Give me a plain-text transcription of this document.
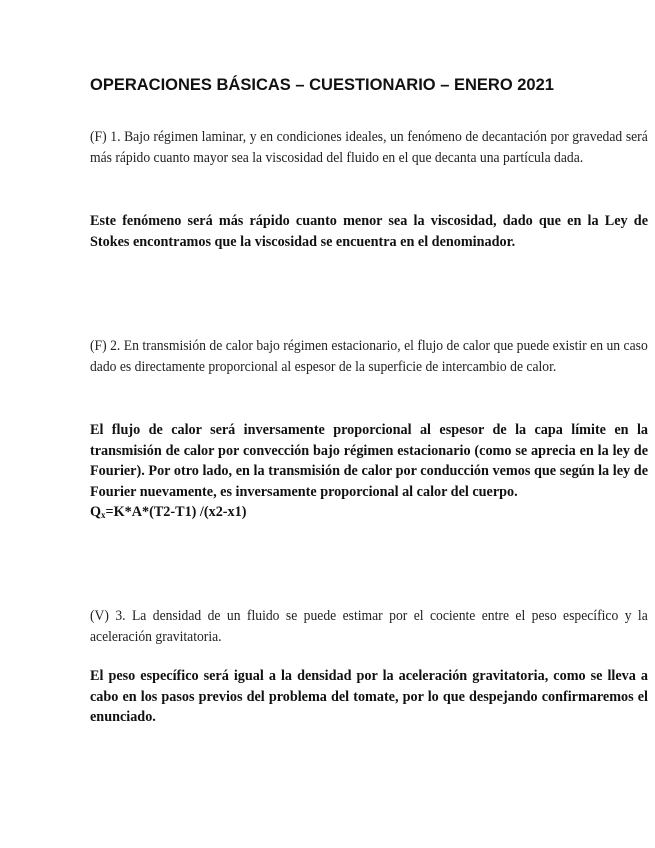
OPERACIONES BÁSICAS – CUESTIONARIO – ENERO 2021

(F) 1. Bajo régimen laminar, y en condiciones ideales, un fenómeno de decantación por gravedad será más rápido cuanto mayor sea la viscosidad del fluido en el que decanta una partícula dada.

Este fenómeno será más rápido cuanto menor sea la viscosidad, dado que en la Ley de Stokes encontramos que la viscosidad se encuentra en el denominador.

(F) 2. En transmisión de calor bajo régimen estacionario, el flujo de calor que puede existir en un caso dado es directamente proporcional al espesor de la superficie de intercambio de calor.

El flujo de calor será inversamente proporcional al espesor de la capa límite en la transmisión de calor por convección bajo régimen estacionario (como se aprecia en la ley de Fourier). Por otro lado, en la transmisión de calor por conducción vemos que según la ley de Fourier nuevamente, es inversamente proporcional al calor del cuerpo.
$Q_x=K*A*(T2-T1)$ /(x2-x1)

(V) 3. La densidad de un fluido se puede estimar por el cociente entre el peso específico y la aceleración gravitatoria.

El peso específico será igual a la densidad por la aceleración gravitatoria, como se lleva a cabo en los pasos previos del problema del tomate, por lo que despejando confirmaremos el enunciado.
